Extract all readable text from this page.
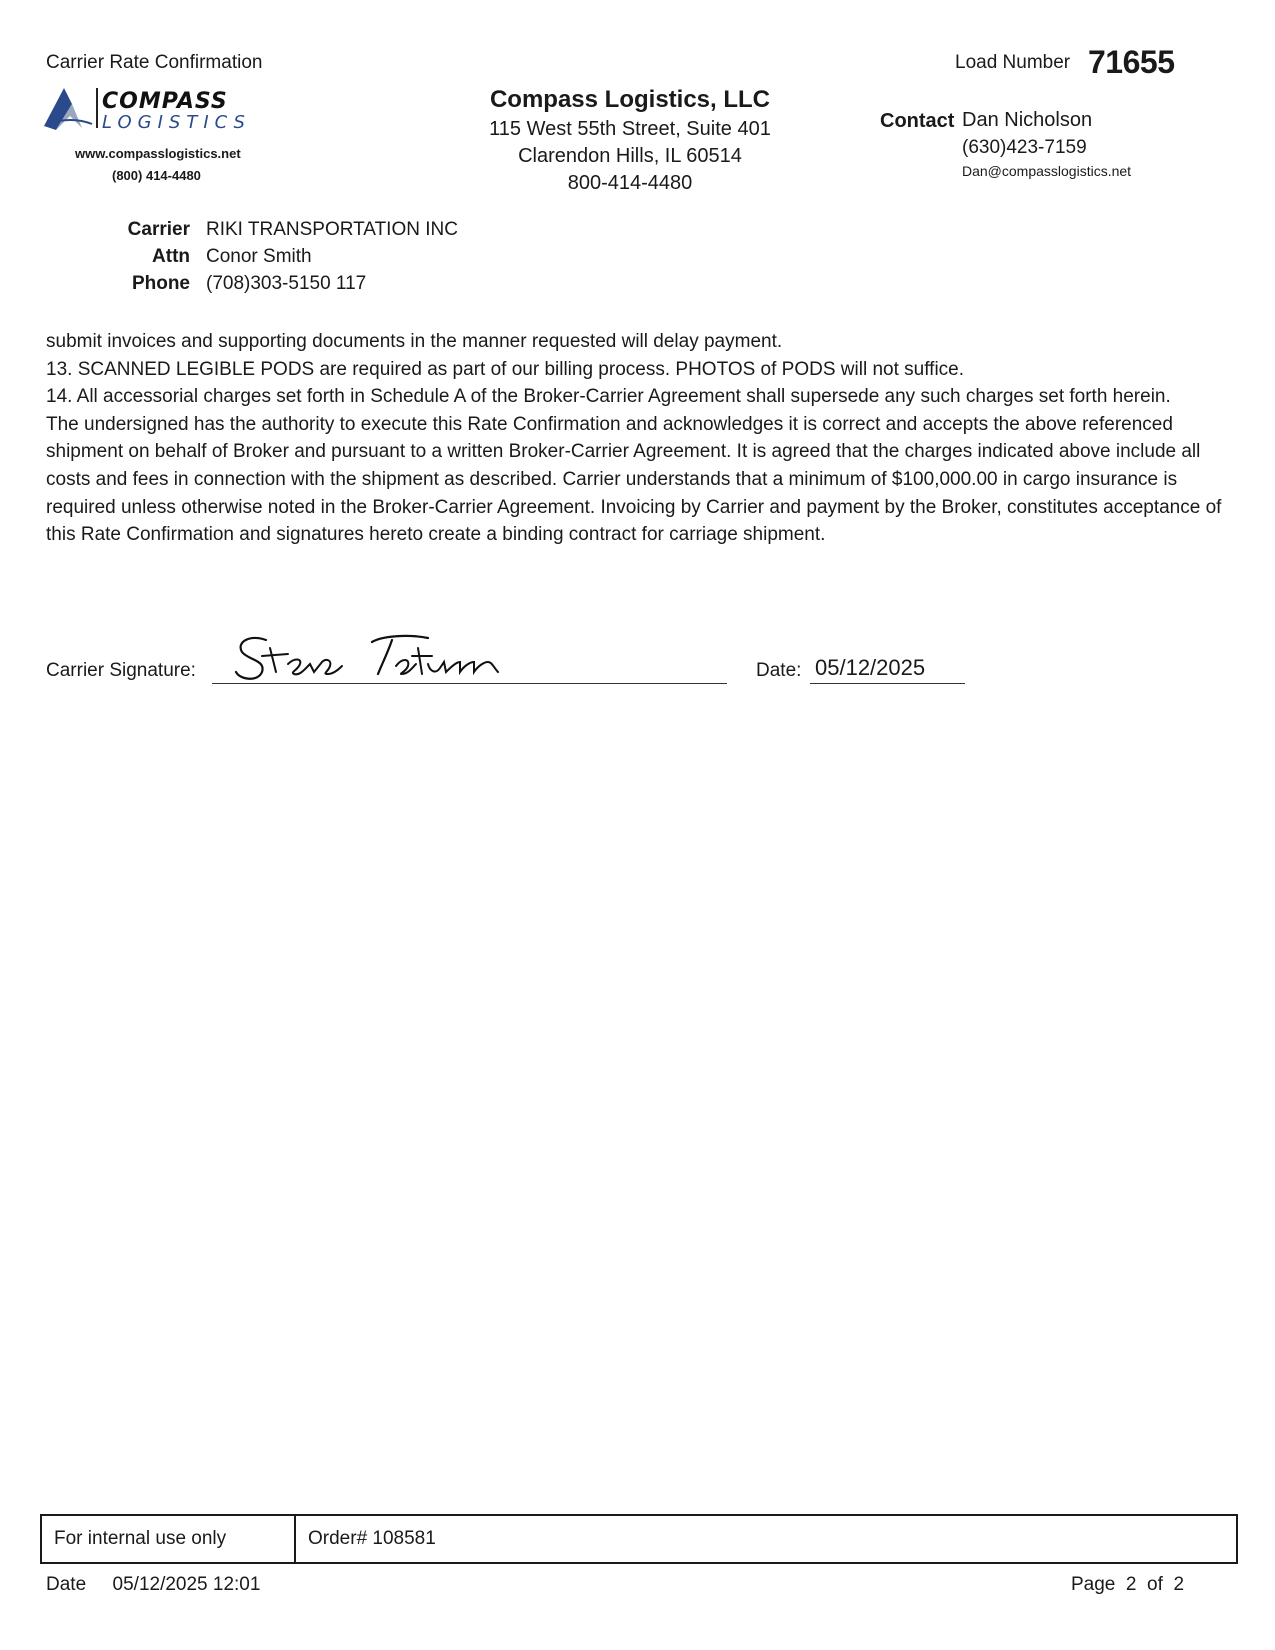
Carrier Rate Confirmation	Load Number 71655
COMPASS
LOGISTICS
www.compasslogistics.net
(800) 414-4480
Compass Logistics, LLC
115 West 55th Street, Suite 401
Clarendon Hills, IL 60514
800-414-4480
Contact Dan Nicholson
(630)423-7159
Dan@compasslogistics.net
Carrier RIKI TRANSPORTATION INC
Attn Conor Smith
Phone (708)303-5150 117

submit invoices and supporting documents in the manner requested will delay payment.

13. SCANNED LEGIBLE PODS are required as part of our billing process. PHOTOS of PODS will not suffice.

14. All accessorial charges set forth in Schedule A of the Broker-Carrier Agreement shall supersede any such charges set forth herein.

The undersigned has the authority to execute this Rate Confirmation and acknowledges it is correct and accepts the above referenced shipment on behalf of Broker and pursuant to a written Broker-Carrier Agreement. It is agreed that the charges indicated above include all costs and fees in connection with the shipment as described. Carrier understands that a minimum of $100,000.00 in cargo insurance is required unless otherwise noted in the Broker-Carrier Agreement. Invoicing by Carrier and payment by the Broker, constitutes acceptance of this Rate Confirmation and signatures hereto create a binding contract for carriage shipment.

Carrier Signature:	Date: 05/12/2025
For internal use only	Order# 108581
Date     05/12/2025 12:01	Page  2  of  2
